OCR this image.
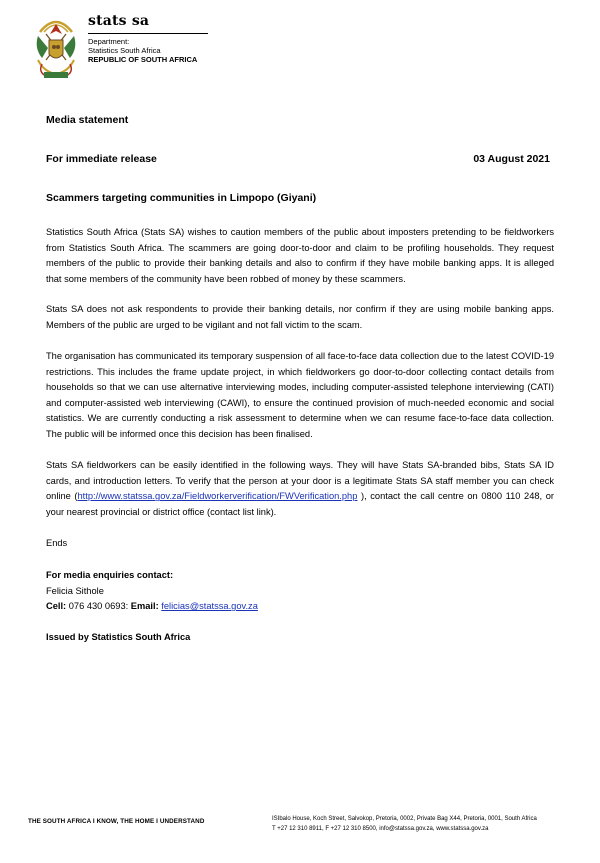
stats sa
Department:
Statistics South Africa
REPUBLIC OF SOUTH AFRICA
Media statement
For immediate release	03 August 2021
Scammers targeting communities in Limpopo (Giyani)

Statistics South Africa (Stats SA) wishes to caution members of the public about imposters pretending to be fieldworkers from Statistics South Africa. The scammers are going door-to-door and claim to be profiling households. They request members of the public to provide their banking details and also to confirm if they have mobile banking apps. It is alleged that some members of the community have been robbed of money by these scammers.

Stats SA does not ask respondents to provide their banking details, nor confirm if they are using mobile banking apps. Members of the public are urged to be vigilant and not fall victim to the scam.

The organisation has communicated its temporary suspension of all face-to-face data collection due to the latest COVID-19 restrictions. This includes the frame update project, in which fieldworkers go door-to-door collecting contact details from households so that we can use alternative interviewing modes, including computer-assisted telephone interviewing (CATI) and computer-assisted web interviewing (CAWI), to ensure the continued provision of much-needed economic and social statistics. We are currently conducting a risk assessment to determine when we can resume face-to-face data collection. The public will be informed once this decision has been finalised.

Stats SA fieldworkers can be easily identified in the following ways. They will have Stats SA-branded bibs, Stats SA ID cards, and introduction letters. To verify that the person at your door is a legitimate Stats SA staff member you can check online (http://www.statssa.gov.za/Fieldworkerverification/FWVerification.php ), contact the call centre on 0800 110 248, or your nearest provincial or district office (contact list link).

Ends
For media enquiries contact:
Felicia Sithole
Cell: 076 430 0693: Email: felicias@statssa.gov.za
Issued by Statistics South Africa
THE SOUTH AFRICA I KNOW, THE HOME I UNDERSTAND	ISIbalo House, Koch Street, Salvokop, Pretoria, 0002, Private Bag X44, Pretoria, 0001, South Africa
T +27 12 310 8911, F +27 12 310 8500, info@statssa.gov.za, www.statssa.gov.za
